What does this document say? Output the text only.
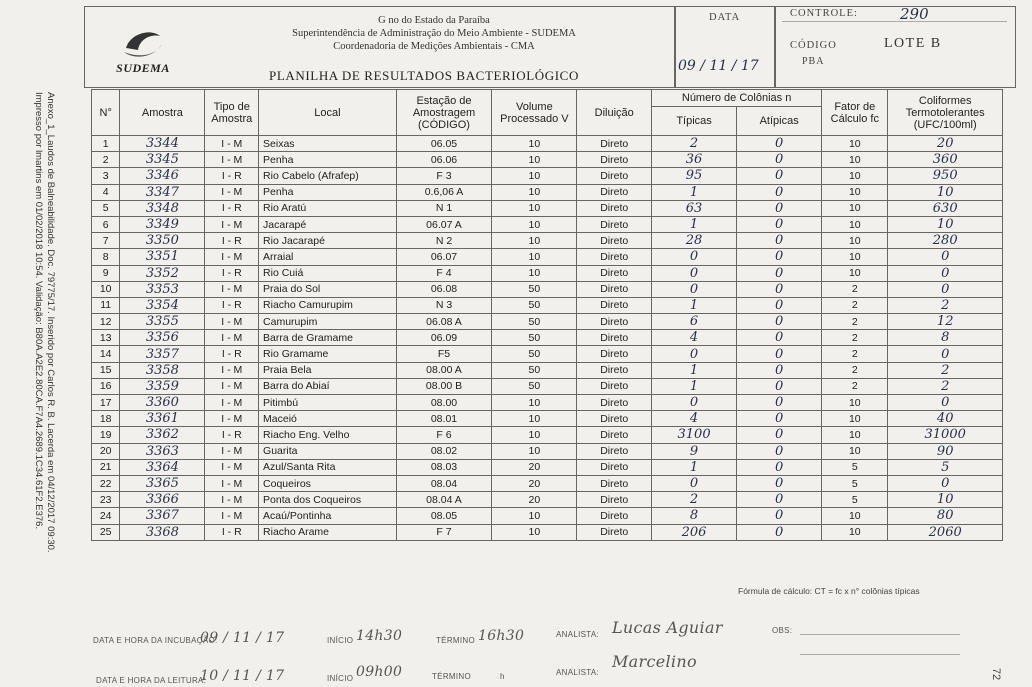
Anexo_1_Laudos de Balneabilidade. Doc. 79775/17. Inserido por Carlos R. B. Lacerda em 04/12/2017 09:30.
Impresso por lmartins em 01/02/2018 10:54. Validação: B80A.A2E2.80CA.F7A4.2689.1C34.61F2.E376.
SUDEMA
G no do Estado da Paraíba
Superintendência de Administração do Meio Ambiente - SUDEMA
Coordenadoria de Medições Ambientais - CMA
PLANILHA DE RESULTADOS BACTERIOLÓGICO
DATA
09 / 11 / 17
CONTROLE:	290
CÓDIGO
PBA
LOTE B
N°	Amostra	Tipo de Amostra	Local	Estação de Amostragem (CÓDIGO)	Volume Processado V	Diluição	Número de Colônias n		Fator de Cálculo fc	Coliformes Termotolerantes (UFC/100ml)
							Típicas	Atípicas		
1	3344	I - M	Seixas	06.05	10	Direto	2	0	10	20
2	3345	I - M	Penha	06.06	10	Direto	36	0	10	360
3	3346	I - R	Rio Cabelo (Afrafep)	F 3	10	Direto	95	0	10	950
4	3347	I - M	Penha	0.6,06 A	10	Direto	1	0	10	10
5	3348	I - R	Rio Aratú	N 1	10	Direto	63	0	10	630
6	3349	I - M	Jacarapé	06.07 A	10	Direto	1	0	10	10
7	3350	I - R	Rio Jacarapé	N 2	10	Direto	28	0	10	280
8	3351	I - M	Arraial	06.07	10	Direto	0	0	10	0
9	3352	I - R	Rio Cuiá	F 4	10	Direto	0	0	10	0
10	3353	I - M	Praia do Sol	06.08	50	Direto	0	0	2	0
11	3354	I - R	Riacho Camurupim	N 3	50	Direto	1	0	2	2
12	3355	I - M	Camurupim	06.08 A	50	Direto	6	0	2	12
13	3356	I - M	Barra de Gramame	06.09	50	Direto	4	0	2	8
14	3357	I - R	Rio Gramame	F5	50	Direto	0	0	2	0
15	3358	I - M	Praia Bela	08.00 A	50	Direto	1	0	2	2
16	3359	I - M	Barra do Abiaí	08.00 B	50	Direto	1	0	2	2
17	3360	I - M	Pitimbú	08.00	10	Direto	0	0	10	0
18	3361	I - M	Maceió	08.01	10	Direto	4	0	10	40
19	3362	I - R	Riacho Eng. Velho	F 6	10	Direto	3100	0	10	31000
20	3363	I - M	Guarita	08.02	10	Direto	9	0	10	90
21	3364	I - M	Azul/Santa Rita	08.03	20	Direto	1	0	5	5
22	3365	I - M	Coqueiros	08.04	20	Direto	0	0	5	0
23	3366	I - M	Ponta dos Coqueiros	08.04 A	20	Direto	2	0	5	10
24	3367	I - M	Acaú/Pontinha	08.05	10	Direto	8	0	10	80
25	3368	I - R	Riacho Arame	F 7	10	Direto	206	0	10	2060
Fórmula de cálculo: CT = fc x n° colônias típicas
DATA E HORA DA INCUBAÇÃO:
09 / 11 / 17	INÍCIO 14h30	TÉRMINO 16h30	ANALISTA: Lucas Aguiar	OBS:
DATA E HORA DA LEITURA:
10 / 11 / 17	INÍCIO 09h00	TÉRMINO	h	ANALISTA:
Marcelino
72
